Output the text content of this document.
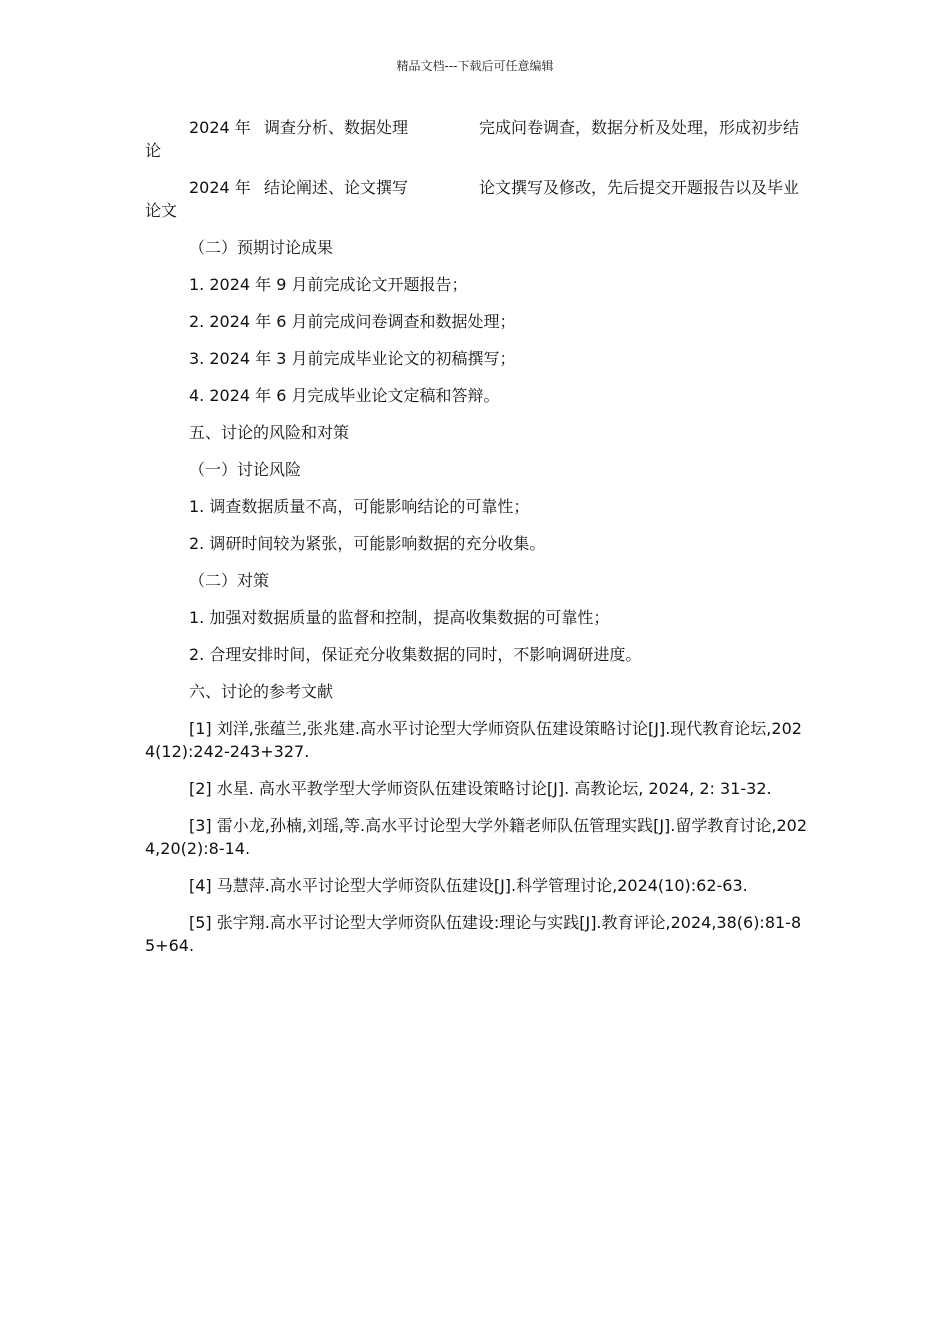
精品文档---下载后可任意编辑
2024 年 调查分析、数据处理	完成问卷调查，数据分析及处理，形成初步结论
2024 年 结论阐述、论文撰写	论文撰写及修改，先后提交开题报告以及毕业论文

（二）预期讨论成果

1. 2024 年 9 月前完成论文开题报告；

2. 2024 年 6 月前完成问卷调查和数据处理；

3. 2024 年 3 月前完成毕业论文的初稿撰写；

4. 2024 年 6 月完成毕业论文定稿和答辩。

五、讨论的风险和对策

（一）讨论风险

1. 调查数据质量不高，可能影响结论的可靠性；

2. 调研时间较为紧张，可能影响数据的充分收集。

（二）对策

1. 加强对数据质量的监督和控制，提高收集数据的可靠性；

2. 合理安排时间，保证充分收集数据的同时，不影响调研进度。

六、讨论的参考文献

[1] 刘洋,张蕴兰,张兆建.高水平讨论型大学师资队伍建设策略讨论[J].现代教育论坛,2024(12):242-243+327.

[2] 水星. 高水平教学型大学师资队伍建设策略讨论[J]. 高教论坛, 2024, 2: 31-32.

[3] 雷小龙,孙楠,刘瑶,等.高水平讨论型大学外籍老师队伍管理实践[J].留学教育讨论,2024,20(2):8-14.

[4] 马慧萍.高水平讨论型大学师资队伍建设[J].科学管理讨论,2024(10):62-63.

[5] 张宇翔.高水平讨论型大学师资队伍建设:理论与实践[J].教育评论,2024,38(6):81-85+64.
